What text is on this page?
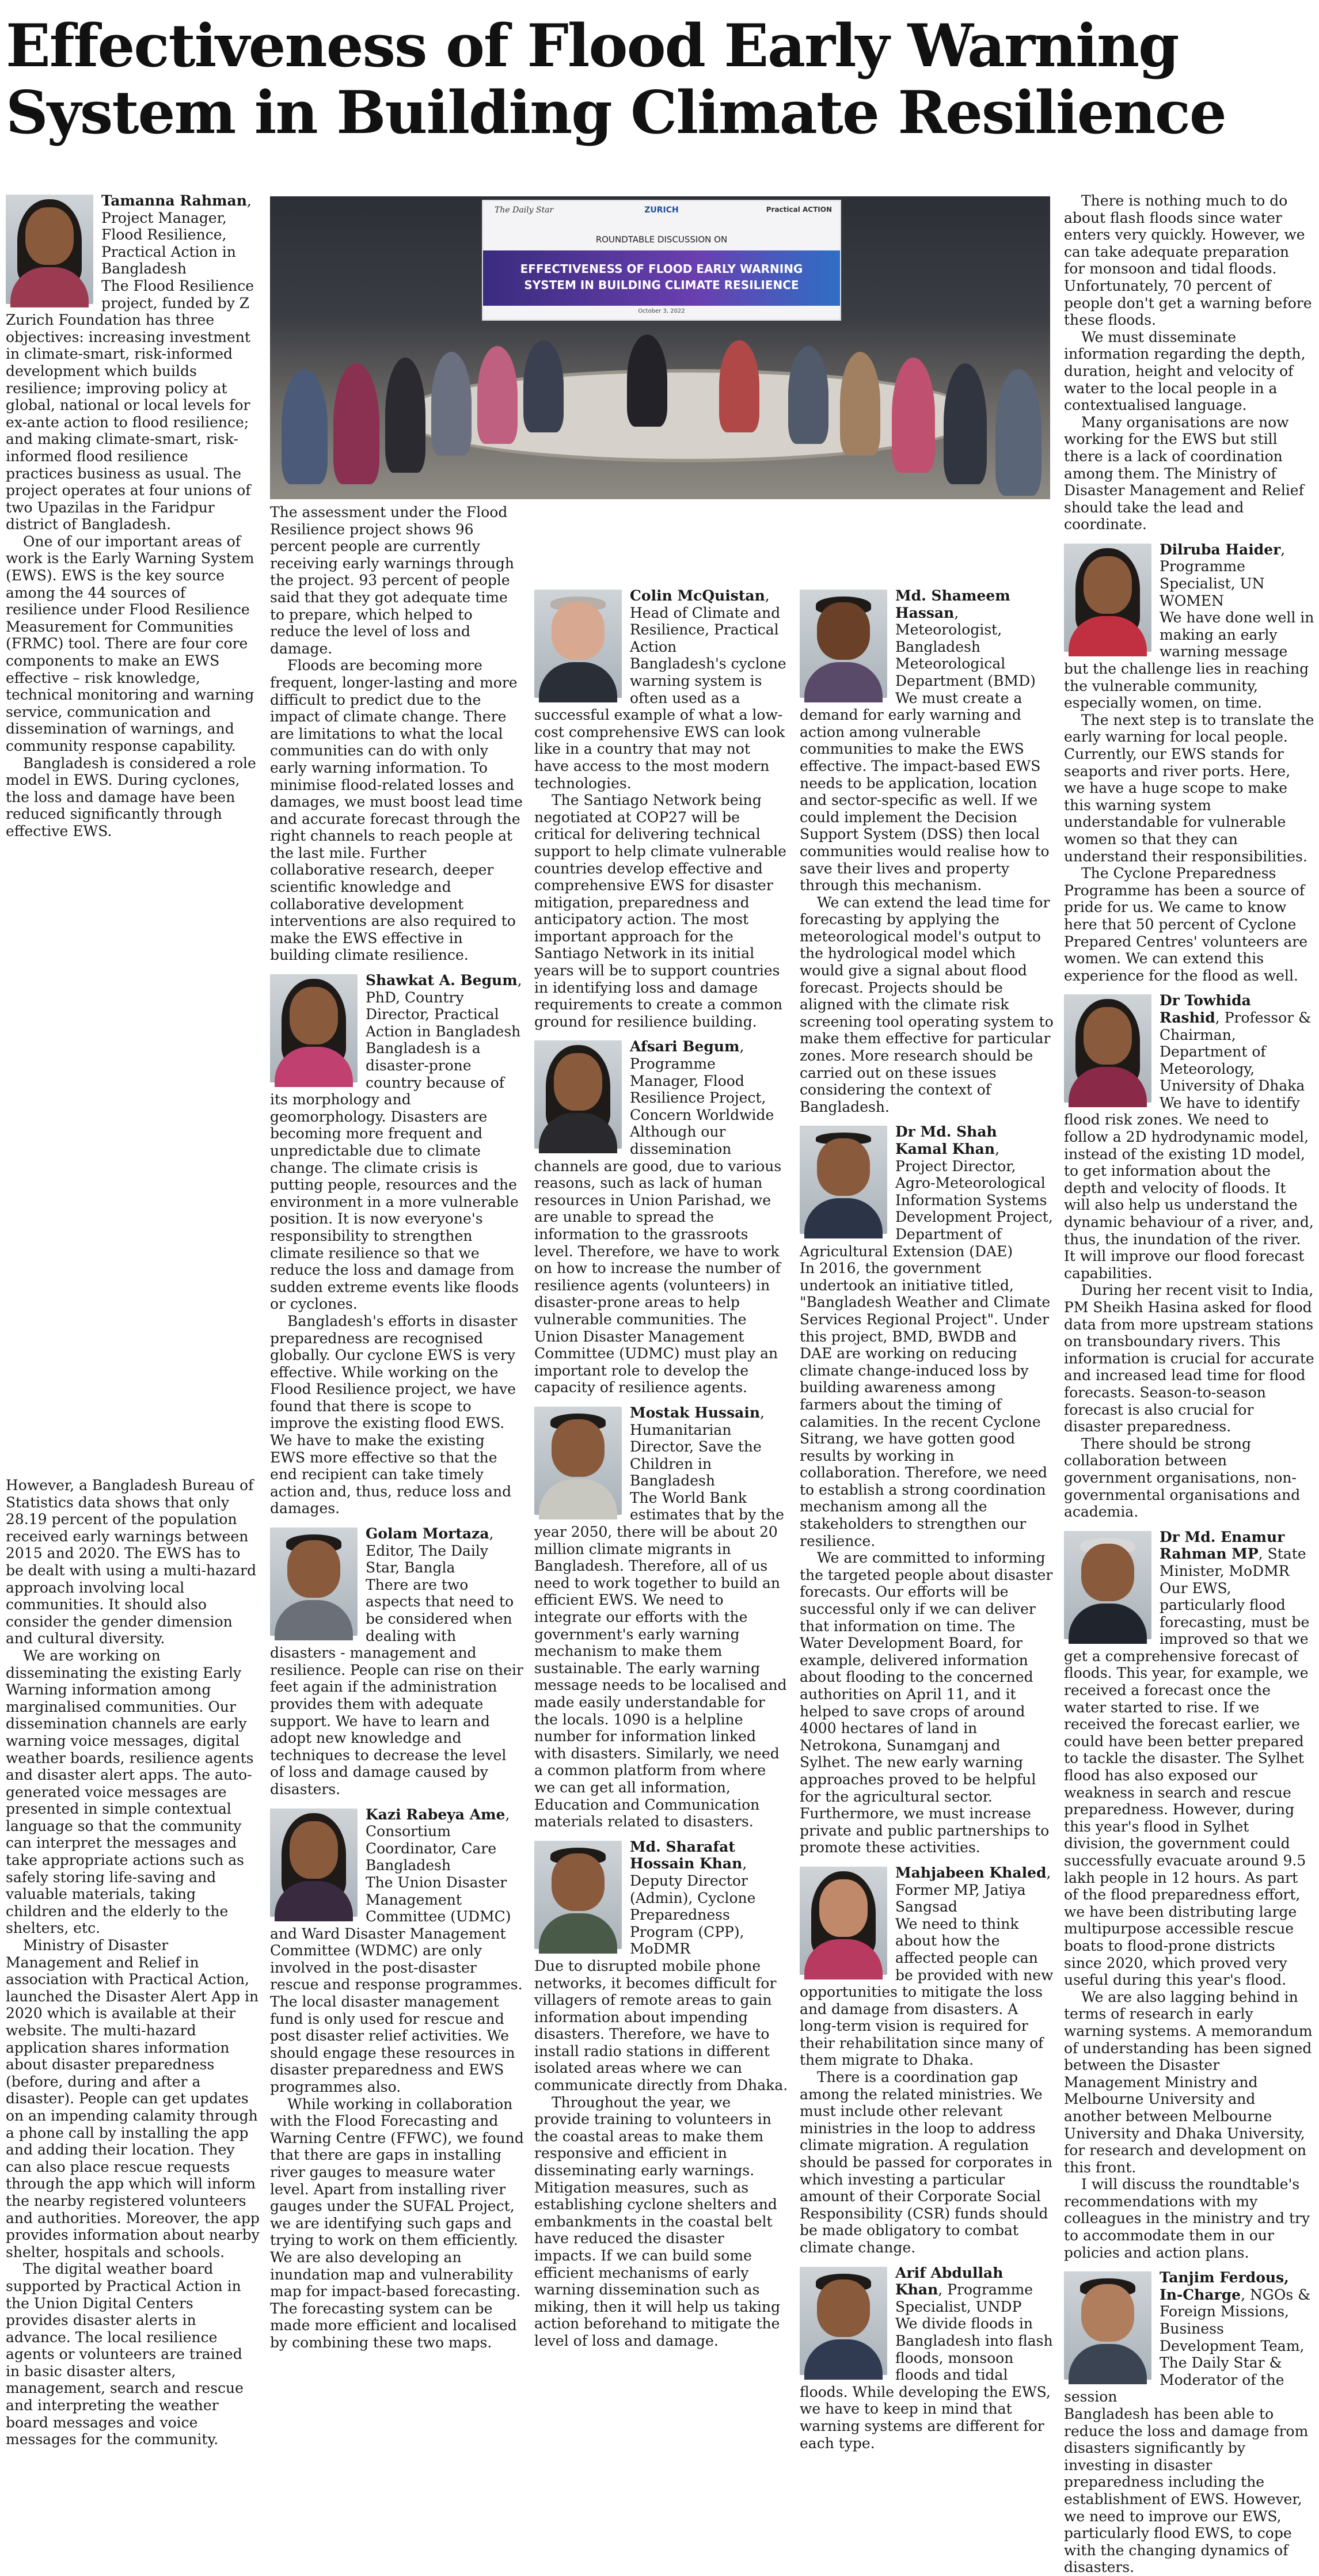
Effectiveness of Flood Early Warning System in Building Climate Resilience
The Daily Star	ZURICH	Practical ACTION
ROUNDTABLE DISCUSSION ON
EFFECTIVENESS OF FLOOD EARLY WARNING SYSTEM IN BUILDING CLIMATE RESILIENCE
October 3, 2022
Tamanna Rahman, Project Manager, Flood Resilience, Practical Action in Bangladesh

The Flood Resilience project, funded by Z Zurich Foundation has three objectives: increasing investment in climate-smart, risk-informed development which builds resilience; improving policy at global, national or local levels for ex-ante action to flood resilience; and making climate-smart, risk-informed flood resilience practices business as usual. The project operates at four unions of two Upazilas in the Faridpur district of Bangladesh.

One of our important areas of work is the Early Warning System (EWS). EWS is the key source among the 44 sources of resilience under Flood Resilience Measurement for Communities (FRMC) tool. There are four core components to make an EWS effective – risk knowledge, technical monitoring and warning service, communication and dissemination of warnings, and community response capability.

Bangladesh is considered a role model in EWS. During cyclones, the loss and damage have been reduced significantly through effective EWS.

However, a Bangladesh Bureau of Statistics data shows that only 28.19 percent of the population received early warnings between 2015 and 2020. The EWS has to be dealt with using a multi-hazard approach involving local communities. It should also consider the gender dimension and cultural diversity.

We are working on disseminating the existing Early Warning information among marginalised communities. Our dissemination channels are early warning voice messages, digital weather boards, resilience agents and disaster alert apps. The auto-generated voice messages are presented in simple contextual language so that the community can interpret the messages and take appropriate actions such as safely storing life-saving and valuable materials, taking children and the elderly to the shelters, etc.

Ministry of Disaster Management and Relief in association with Practical Action, launched the Disaster Alert App in 2020 which is available at their website. The multi-hazard application shares information about disaster preparedness (before, during and after a disaster). People can get updates on an impending calamity through a phone call by installing the app and adding their location. They can also place rescue requests through the app which will inform the nearby registered volunteers and authorities. Moreover, the app provides information about nearby shelter, hospitals and schools.

The digital weather board supported by Practical Action in the Union Digital Centers provides disaster alerts in advance. The local resilience agents or volunteers are trained in basic disaster alters, management, search and rescue and interpreting the weather board messages and voice messages for the community.

The assessment under the Flood Resilience project shows 96 percent people are currently receiving early warnings through the project. 93 percent of people said that they got adequate time to prepare, which helped to reduce the level of loss and damage.

Floods are becoming more frequent, longer-lasting and more difficult to predict due to the impact of climate change. There are limitations to what the local communities can do with only early warning information. To minimise flood-related losses and damages, we must boost lead time and accurate forecast through the right channels to reach people at the last mile. Further collaborative research, deeper scientific knowledge and collaborative development interventions are also required to make the EWS effective in building climate resilience.

Shawkat A. Begum, PhD, Country Director, Practical Action in Bangladesh

Bangladesh is a disaster-prone country because of its morphology and geomorphology. Disasters are becoming more frequent and unpredictable due to climate change. The climate crisis is putting people, resources and the environment in a more vulnerable position. It is now everyone's responsibility to strengthen climate resilience so that we reduce the loss and damage from sudden extreme events like floods or cyclones.

Bangladesh's efforts in disaster preparedness are recognised globally. Our cyclone EWS is very effective. While working on the Flood Resilience project, we have found that there is scope to improve the existing flood EWS. We have to make the existing EWS more effective so that the end recipient can take timely action and, thus, reduce loss and damages.

Golam Mortaza, Editor, The Daily Star, Bangla

There are two aspects that need to be considered when dealing with disasters - management and resilience. People can rise on their feet again if the administration provides them with adequate support. We have to learn and adopt new knowledge and techniques to decrease the level of loss and damage caused by disasters.

Kazi Rabeya Ame, Consortium Coordinator, Care Bangladesh

The Union Disaster Management Committee (UDMC) and Ward Disaster Management Committee (WDMC) are only involved in the post-disaster rescue and response programmes. The local disaster management fund is only used for rescue and post disaster relief activities. We should engage these resources in disaster preparedness and EWS programmes also.

While working in collaboration with the Flood Forecasting and Warning Centre (FFWC), we found that there are gaps in installing river gauges to measure water level. Apart from installing river gauges under the SUFAL Project, we are identifying such gaps and trying to work on them efficiently. We are also developing an inundation map and vulnerability map for impact-based forecasting. The forecasting system can be made more efficient and localised by combining these two maps.

Colin McQuistan, Head of Climate and Resilience, Practical Action

Bangladesh's cyclone warning system is often used as a successful example of what a low-cost comprehensive EWS can look like in a country that may not have access to the most modern technologies.

The Santiago Network being negotiated at COP27 will be critical for delivering technical support to help climate vulnerable countries develop effective and comprehensive EWS for disaster mitigation, preparedness and anticipatory action. The most important approach for the Santiago Network in its initial years will be to support countries in identifying loss and damage requirements to create a common ground for resilience building.

Afsari Begum, Programme Manager, Flood Resilience Project, Concern Worldwide

Although our dissemination channels are good, due to various reasons, such as lack of human resources in Union Parishad, we are unable to spread the information to the grassroots level. Therefore, we have to work on how to increase the number of resilience agents (volunteers) in disaster-prone areas to help vulnerable communities. The Union Disaster Management Committee (UDMC) must play an important role to develop the capacity of resilience agents.

Mostak Hussain, Humanitarian Director, Save the Children in Bangladesh

The World Bank estimates that by the year 2050, there will be about 20 million climate migrants in Bangladesh. Therefore, all of us need to work together to build an efficient EWS. We need to integrate our efforts with the government's early warning mechanism to make them sustainable. The early warning message needs to be localised and made easily understandable for the locals. 1090 is a helpline number for information linked with disasters. Similarly, we need a common platform from where we can get all information, Education and Communication materials related to disasters.

Md. Sharafat Hossain Khan, Deputy Director (Admin), Cyclone Preparedness Program (CPP), MoDMR

Due to disrupted mobile phone networks, it becomes difficult for villagers of remote areas to gain information about impending disasters. Therefore, we have to install radio stations in different isolated areas where we can communicate directly from Dhaka.

Throughout the year, we provide training to volunteers in the coastal areas to make them responsive and efficient in disseminating early warnings. Mitigation measures, such as establishing cyclone shelters and embankments in the coastal belt have reduced the disaster impacts. If we can build some efficient mechanisms of early warning dissemination such as miking, then it will help us taking action beforehand to mitigate the level of loss and damage.

Md. Shameem Hassan, Meteorologist, Bangladesh Meteorological Department (BMD)

We must create a demand for early warning and action among vulnerable communities to make the EWS effective. The impact-based EWS needs to be application, location and sector-specific as well. If we could implement the Decision Support System (DSS) then local communities would realise how to save their lives and property through this mechanism.

We can extend the lead time for forecasting by applying the meteorological model's output to the hydrological model which would give a signal about flood forecast. Projects should be aligned with the climate risk screening tool operating system to make them effective for particular zones. More research should be carried out on these issues considering the context of Bangladesh.

Dr Md. Shah Kamal Khan, Project Director, Agro-Meteorological Information Systems Development Project, Department of Agricultural Extension (DAE)

In 2016, the government undertook an initiative titled, "Bangladesh Weather and Climate Services Regional Project". Under this project, BMD, BWDB and DAE are working on reducing climate change-induced loss by building awareness among farmers about the timing of calamities. In the recent Cyclone Sitrang, we have gotten good results by working in collaboration. Therefore, we need to establish a strong coordination mechanism among all the stakeholders to strengthen our resilience.

We are committed to informing the targeted people about disaster forecasts. Our efforts will be successful only if we can deliver that information on time. The Water Development Board, for example, delivered information about flooding to the concerned authorities on April 11, and it helped to save crops of around 4000 hectares of land in Netrokona, Sunamganj and Sylhet. The new early warning approaches proved to be helpful for the agricultural sector. Furthermore, we must increase private and public partnerships to promote these activities.

Mahjabeen Khaled, Former MP, Jatiya Sangsad

We need to think about how the affected people can be provided with new opportunities to mitigate the loss and damage from disasters. A long-term vision is required for their rehabilitation since many of them migrate to Dhaka.

There is a coordination gap among the related ministries. We must include other relevant ministries in the loop to address climate migration. A regulation should be passed for corporates in which investing a particular amount of their Corporate Social Responsibility (CSR) funds should be made obligatory to combat climate change.

Arif Abdullah Khan, Programme Specialist, UNDP

We divide floods in Bangladesh into flash floods, monsoon floods and tidal floods. While developing the EWS, we have to keep in mind that warning systems are different for each type.

There is nothing much to do about flash floods since water enters very quickly. However, we can take adequate preparation for monsoon and tidal floods. Unfortunately, 70 percent of people don't get a warning before these floods.

We must disseminate information regarding the depth, duration, height and velocity of water to the local people in a contextualised language.

Many organisations are now working for the EWS but still there is a lack of coordination among them. The Ministry of Disaster Management and Relief should take the lead and coordinate.

Dilruba Haider, Programme Specialist, UN WOMEN

We have done well in making an early warning message but the challenge lies in reaching the vulnerable community, especially women, on time.

The next step is to translate the early warning for local people. Currently, our EWS stands for seaports and river ports. Here, we have a huge scope to make this warning system understandable for vulnerable women so that they can understand their responsibilities.

The Cyclone Preparedness Programme has been a source of pride for us. We came to know here that 50 percent of Cyclone Prepared Centres' volunteers are women. We can extend this experience for the flood as well.

Dr Towhida Rashid, Professor & Chairman, Department of Meteorology, University of Dhaka

We have to identify flood risk zones. We need to follow a 2D hydrodynamic model, instead of the existing 1D model, to get information about the depth and velocity of floods. It will also help us understand the dynamic behaviour of a river, and, thus, the inundation of the river. It will improve our flood forecast capabilities.

During her recent visit to India, PM Sheikh Hasina asked for flood data from more upstream stations on transboundary rivers. This information is crucial for accurate and increased lead time for flood forecasts. Season-to-season forecast is also crucial for disaster preparedness.

There should be strong collaboration between government organisations, non-governmental organisations and academia.

Dr Md. Enamur Rahman MP, State Minister, MoDMR

Our EWS, particularly flood forecasting, must be improved so that we get a comprehensive forecast of floods. This year, for example, we received a forecast once the water started to rise. If we received the forecast earlier, we could have been better prepared to tackle the disaster. The Sylhet flood has also exposed our weakness in search and rescue preparedness. However, during this year's flood in Sylhet division, the government could successfully evacuate around 9.5 lakh people in 12 hours. As part of the flood preparedness effort, we have been distributing large multipurpose accessible rescue boats to flood-prone districts since 2020, which proved very useful during this year's flood.

We are also lagging behind in terms of research in early warning systems. A memorandum of understanding has been signed between the Disaster Management Ministry and Melbourne University and another between Melbourne University and Dhaka University, for research and development on this front.

I will discuss the roundtable's recommendations with my colleagues in the ministry and try to accommodate them in our policies and action plans.

Tanjim Ferdous, In-Charge, NGOs & Foreign Missions, Business Development Team, The Daily Star & Moderator of the session

Bangladesh has been able to reduce the loss and damage from disasters significantly by investing in disaster preparedness including the establishment of EWS. However, we need to improve our EWS, particularly flood EWS, to cope with the changing dynamics of disasters.
